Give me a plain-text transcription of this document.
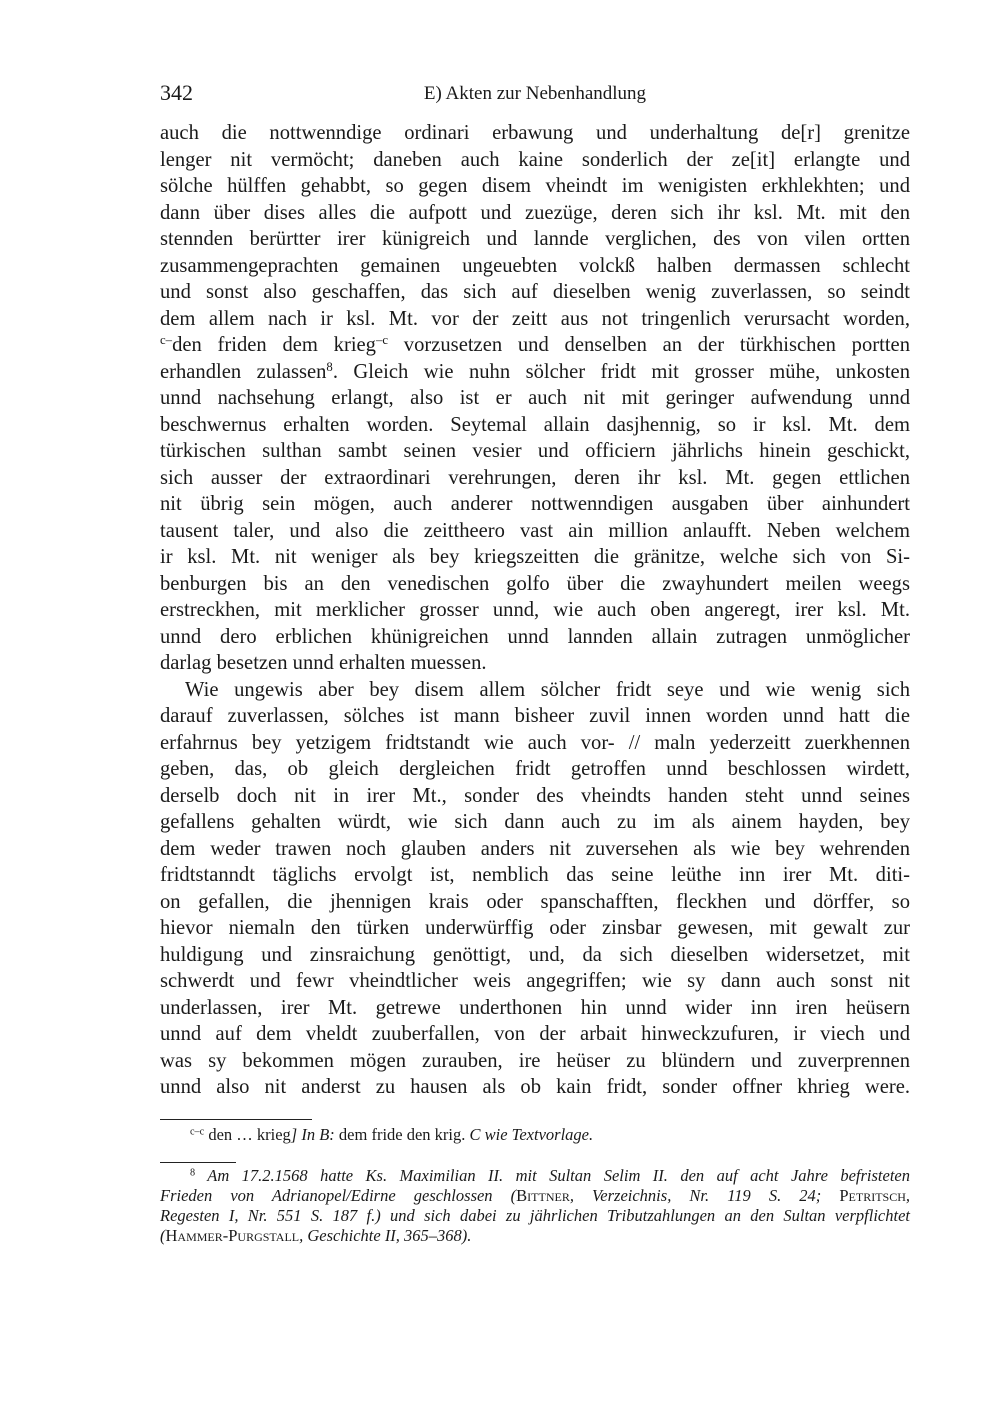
342	E) Akten zur Nebenhandlung
auch die nottwenndige ordinari erbawung und underhaltung de[r] grenitze
lenger nit vermöcht; daneben auch kaine sonderlich der ze[it] erlangte und
sölche hülffen gehabbt, so gegen disem vheindt im wenigisten erkhlekhten; und
dann über dises alles die aufpott und zuezüge, deren sich ihr ksl. Mt. mit den
stennden berürtter irer künigreich und lannde verglichen, des von vilen ortten
zusammengeprachten gemainen ungeuebten volckß halben dermassen schlecht
und sonst also geschaffen, das sich auf dieselben wenig zuverlassen, so seindt
dem allem nach ir ksl. Mt. vor der zeitt aus not tringenlich verursacht worden,
$^{c-}$den friden dem krieg$^{-c}$ vorzusetzen und denselben an der türkhischen portten
erhandlen zulassen$^8$. Gleich wie nuhn sölcher fridt mit grosser mühe, unkosten
unnd nachsehung erlangt, also ist er auch nit mit geringer aufwendung unnd
beschwernus erhalten worden. Seytemal allain dasjhennig, so ir ksl. Mt. dem
türkischen sulthan sambt seinen vesier und officiern jährlichs hinein geschickt,
sich ausser der extraordinari verehrungen, deren ihr ksl. Mt. gegen ettlichen
nit übrig sein mögen, auch anderer nottwenndigen ausgaben über ainhundert
tausent taler, und also die zeittheero vast ain million anlaufft. Neben welchem
ir ksl. Mt. nit weniger als bey kriegszeitten die gränitze, welche sich von Si-
benburgen bis an den venedischen golfo über die zwayhundert meilen weegs
erstreckhen, mit merklicher grosser unnd, wie auch oben angeregt, irer ksl. Mt.
unnd dero erblichen khünigreichen unnd lannden allain zutragen unmöglicher
darlag besetzen unnd erhalten muessen.
Wie ungewis aber bey disem allem sölcher fridt seye und wie wenig sich
darauf zuverlassen, sölches ist mann bisheer zuvil innen worden unnd hatt die
erfahrnus bey yetzigem fridtstandt wie auch vor- // maln yederzeitt zuerkhennen
geben, das, ob gleich dergleichen fridt getroffen unnd beschlossen wirdett,
derselb doch nit in irer Mt., sonder des vheindts handen steht unnd seines
gefallens gehalten würdt, wie sich dann auch zu im als ainem hayden, bey
dem weder trawen noch glauben anders nit zuversehen als wie bey wehrenden
fridtstanndt täglichs ervolgt ist, nemblich das seine leüthe inn irer Mt. diti-
on gefallen, die jhennigen krais oder spanschafften, fleckhen und dörffer, so
hievor niemaln den türken underwürffig oder zinsbar gewesen, mit gewalt zur
huldigung und zinsraichung genöttigt, und, da sich dieselben widersetzet, mit
schwerdt und fewr vheindtlicher weis angegriffen; wie sy dann auch sonst nit
underlassen, irer Mt. getrewe underthonen hin unnd wider inn iren heüsern
unnd auf dem vheldt zuuberfallen, von der arbait hinweckzufuren, ir viech und
was sy bekommen mögen zurauben, ire heüser zu blündern und zuverprennen
unnd also nit anderst zu hausen als ob kain fridt, sonder offner khrieg were.
$^{c-c}$ den … krieg] In B: dem fride den krig. C wie Textvorlage.
$^8$ Am 17.2.1568 hatte Ks. Maximilian II. mit Sultan Selim II. den auf acht Jahre befristeten
Frieden von Adrianopel/Edirne geschlossen (Bittner, Verzeichnis, Nr. 119 S. 24; Petritsch,
Regesten I, Nr. 551 S. 187 f.) und sich dabei zu jährlichen Tributzahlungen an den Sultan verpflichtet
(Hammer-Purgstall, Geschichte II, 365–368).
